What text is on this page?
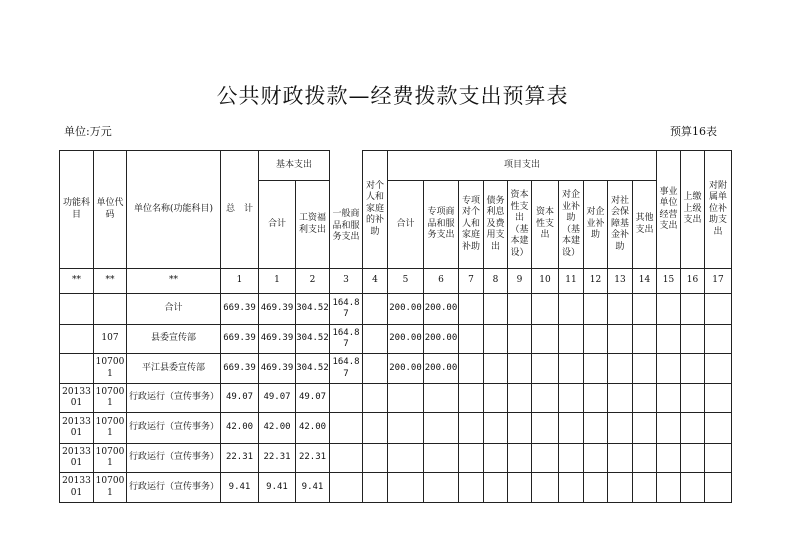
公共财政拨款—经费拨款支出预算表
单位:万元	预算16表
功能科目	单位代码	单位名称(功能科目)	总　计	基本支出		一般商品和服务支出	对个人和家庭的补助	项目支出										事业单位经营支出	上缴上级支出	对附属单位补助支出
				合计	工资福利支出			合计	专项商品和服务支出	专项对个人和家庭补助	债务利息及费用支出	资本性支出（基本建设）	资本性支出	对企业补助（基本建设）	对企业补助	对社会保障基金补助	其他支出			

**	**	**	1	1	2	3	4	5	6	7	8	9	10	11	12	13	14	15	16	17
		合计	669.39	469.39	304.52	164.87		200.00	200.00											
	107	县委宣传部	669.39	469.39	304.52	164.87		200.00	200.00											
	107001	平江县委宣传部	669.39	469.39	304.52	164.87		200.00	200.00											
2013301	107001	行政运行（宣传事务）	49.07	49.07	49.07															
2013301	107001	行政运行（宣传事务）	42.00	42.00	42.00															
2013301	107001	行政运行（宣传事务）	22.31	22.31	22.31															
2013301	107001	行政运行（宣传事务）	9.41	9.41	9.41															
